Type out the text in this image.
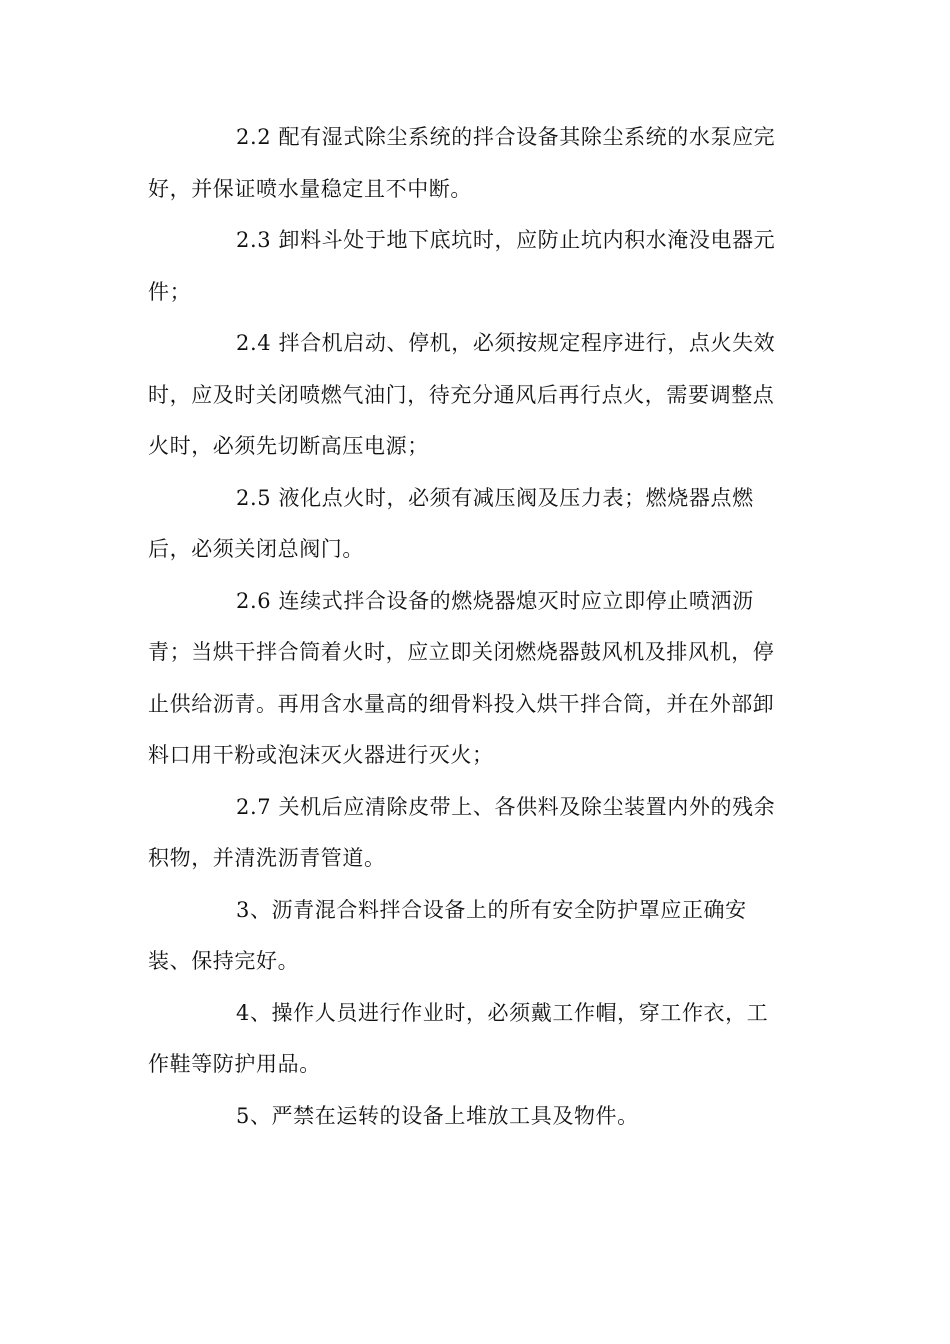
2.2 配有湿式除尘系统的拌合设备其除尘系统的水泵应完
好，并保证喷水量稳定且不中断。

2.3 卸料斗处于地下底坑时，应防止坑内积水淹没电器元
件；

2.4 拌合机启动、停机，必须按规定程序进行，点火失效
时，应及时关闭喷燃气油门，待充分通风后再行点火，需要调整点
火时，必须先切断高压电源；

2.5 液化点火时，必须有减压阀及压力表；燃烧器点燃
后，必须关闭总阀门。

2.6 连续式拌合设备的燃烧器熄灭时应立即停止喷洒沥
青；当烘干拌合筒着火时，应立即关闭燃烧器鼓风机及排风机，停
止供给沥青。再用含水量高的细骨料投入烘干拌合筒，并在外部卸
料口用干粉或泡沫灭火器进行灭火；

2.7 关机后应清除皮带上、各供料及除尘装置内外的残余
积物，并清洗沥青管道。

3、沥青混合料拌合设备上的所有安全防护罩应正确安
装、保持完好。

4、操作人员进行作业时，必须戴工作帽，穿工作衣，工
作鞋等防护用品。

5、严禁在运转的设备上堆放工具及物件。
